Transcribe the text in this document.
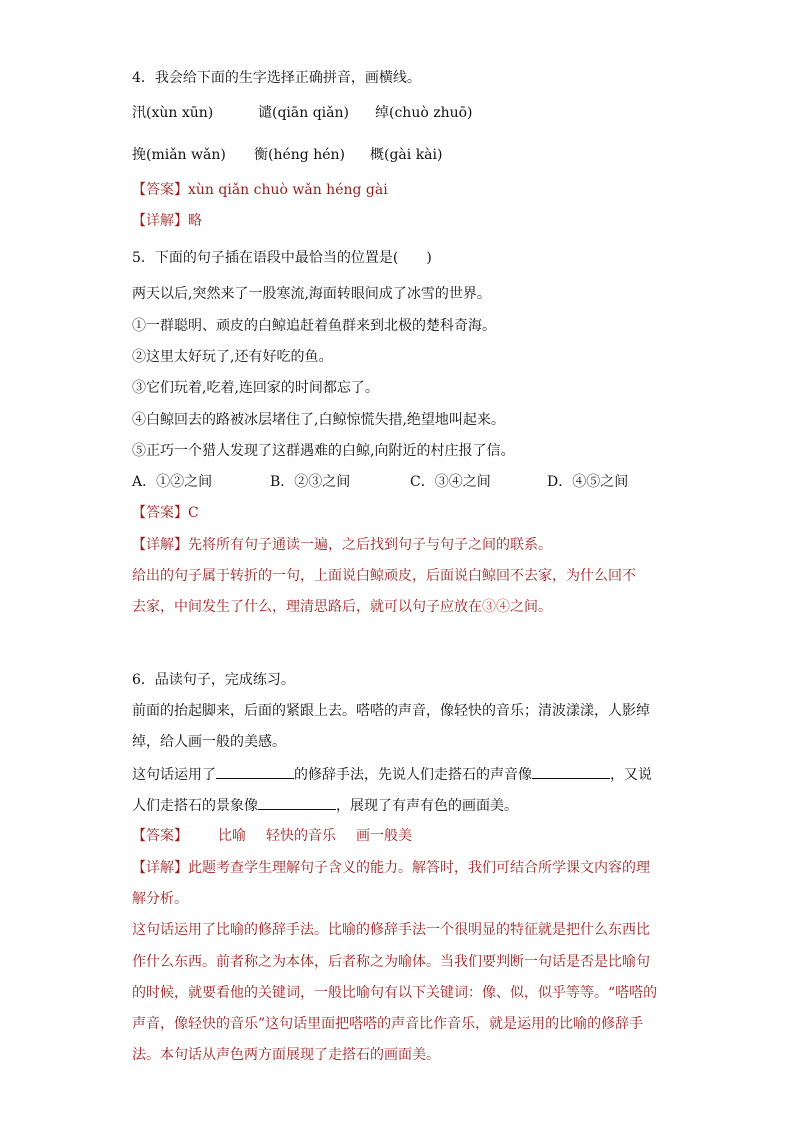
4．我会给下面的生字选择正确拼音，画横线。
汛(xùn xūn)	谴(qiān qiǎn) 绰(chuò zhuō)
挽(miǎn wǎn) 衡(héng hén) 概(gài kài)
【答案】xùn qiǎn chuò wǎn héng gài
【详解】略
5．下面的句子插在语段中最恰当的位置是(　　)
两天以后,突然来了一股寒流,海面转眼间成了冰雪的世界。
①一群聪明、顽皮的白鲸追赶着鱼群来到北极的楚科奇海。
②这里太好玩了,还有好吃的鱼。
③它们玩着,吃着,连回家的时间都忘了。
④白鲸回去的路被冰层堵住了,白鲸惊慌失措,绝望地叫起来。
⑤正巧一个猎人发现了这群遇难的白鲸,向附近的村庄报了信。
A．①②之间	B．②③之间	C．③④之间	D．④⑤之间
【答案】C
【详解】先将所有句子通读一遍，之后找到句子与句子之间的联系。
给出的句子属于转折的一句，上面说白鲸顽皮，后面说白鲸回不去家，为什么回不
去家，中间发生了什么，理清思路后，就可以句子应放在③④之间。
6．品读句子，完成练习。
前面的抬起脚来，后面的紧跟上去。嗒嗒的声音，像轻快的音乐；清波漾漾，人影绰
绰，给人画一般的美感。
这句话运用了	的修辞手法，先说人们走搭石的声音像	，又说
人们走搭石的景象像	，展现了有声有色的画面美。
【答案】 比喻 轻快的音乐 画一般美
【详解】此题考查学生理解句子含义的能力。解答时，我们可结合所学课文内容的理
解分析。
这句话运用了比喻的修辞手法。比喻的修辞手法一个很明显的特征就是把什么东西比
作什么东西。前者称之为本体，后者称之为喻体。当我们要判断一句话是否是比喻句
的时候，就要看他的关键词，一般比喻句有以下关键词：像、似，似乎等等。“嗒嗒的
声音，像轻快的音乐”这句话里面把嗒嗒的声音比作音乐，就是运用的比喻的修辞手
法。本句话从声色两方面展现了走搭石的画面美。
